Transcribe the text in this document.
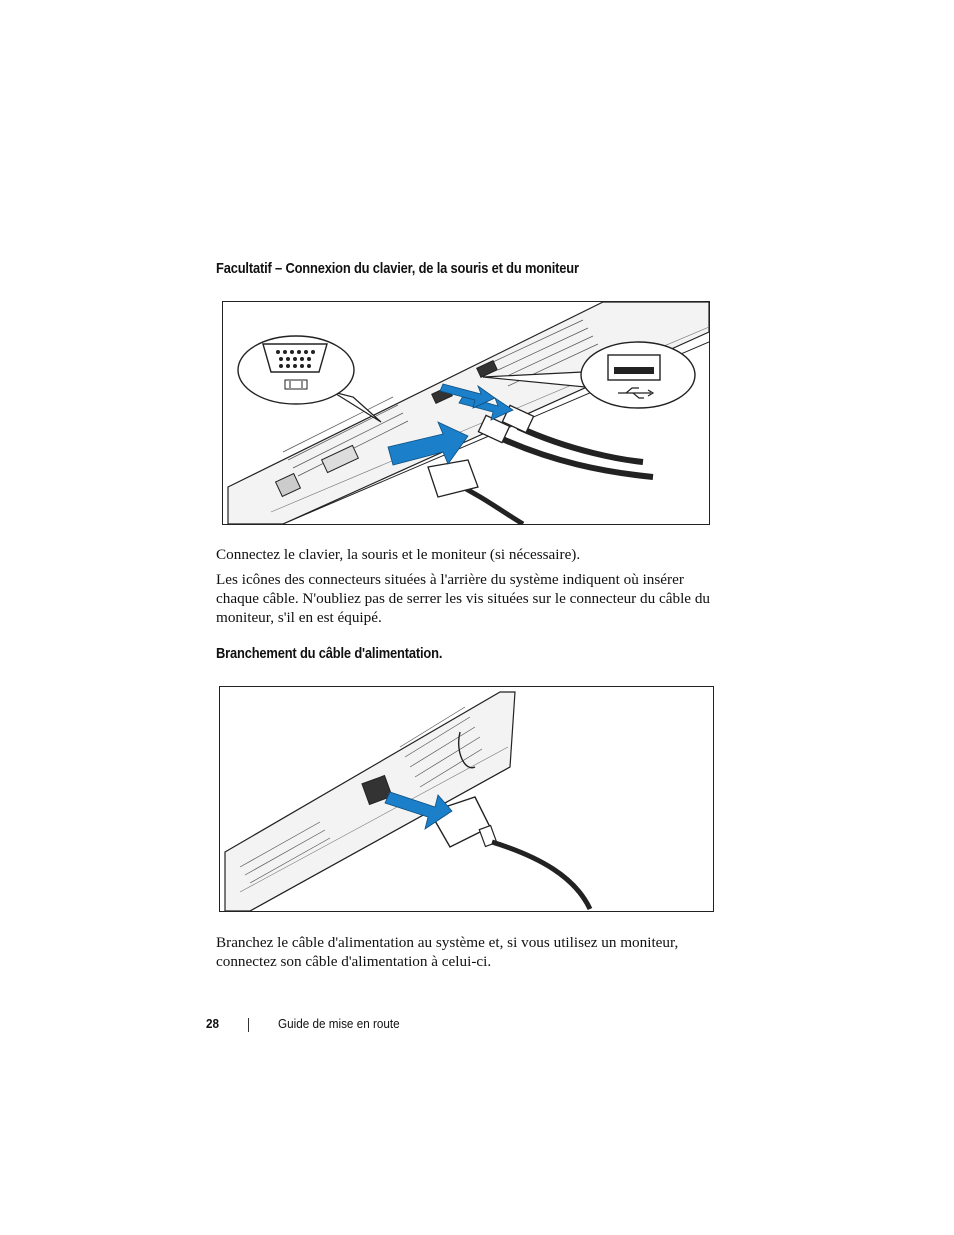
Facultatif – Connexion du clavier, de la souris et du moniteur

Connectez le clavier, la souris et le moniteur (si nécessaire).

Les icônes des connecteurs situées à l'arrière du système indiquent où insérer chaque câble. N'oubliez pas de serrer les vis situées sur le connecteur du câble du moniteur, s'il en est équipé.

Branchement du câble d'alimentation.

Branchez le câble d'alimentation au système et, si vous utilisez un moniteur, connectez son câble d'alimentation à celui-ci.

28	Guide de mise en route
